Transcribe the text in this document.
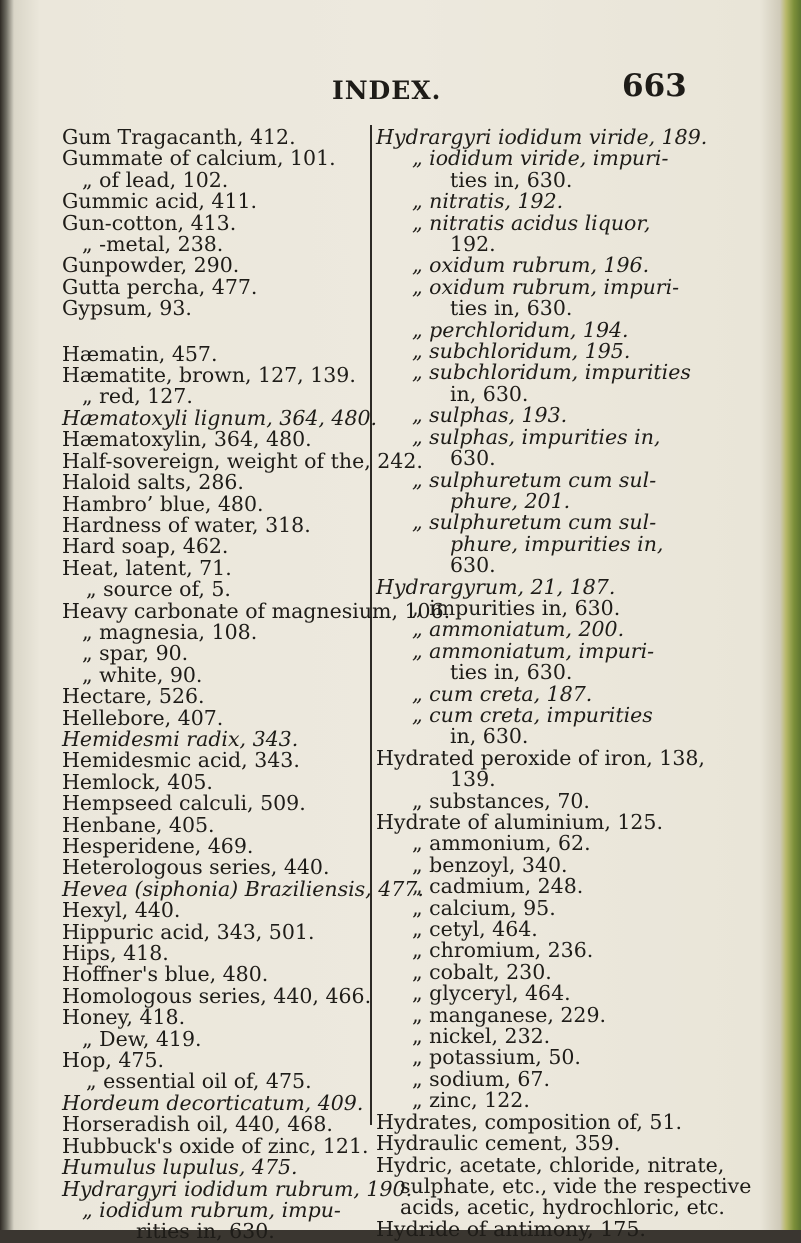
INDEX.	663
Gum Tragacanth, 412.
Gummate of calcium, 101.
„ of lead, 102.
Gummic acid, 411.
Gun-cotton, 413.
„ -metal, 238.
Gunpowder, 290.
Gutta percha, 477.
Gypsum, 93.
Hæmatin, 457.
Hæmatite, brown, 127, 139.
„ red, 127.
Hæmatoxyli lignum, 364, 480.
Hæmatoxylin, 364, 480.
Half-sovereign, weight of the, 242.
Haloid salts, 286.
Hambro’ blue, 480.
Hardness of water, 318.
Hard soap, 462.
Heat, latent, 71.
„ source of, 5.
Heavy carbonate of magnesium, 106.
„ magnesia, 108.
„ spar, 90.
„ white, 90.
Hectare, 526.
Hellebore, 407.
Hemidesmi radix, 343.
Hemidesmic acid, 343.
Hemlock, 405.
Hempseed calculi, 509.
Henbane, 405.
Hesperidene, 469.
Heterologous series, 440.
Hevea (siphonia) Braziliensis, 477.
Hexyl, 440.
Hippuric acid, 343, 501.
Hips, 418.
Hoffner's blue, 480.
Homologous series, 440, 466.
Honey, 418.
„ Dew, 419.
Hop, 475.
„ essential oil of, 475.
Hordeum decorticatum, 409.
Horseradish oil, 440, 468.
Hubbuck's oxide of zinc, 121.
Humulus lupulus, 475.
Hydrargyri iodidum rubrum, 190.
„ iodidum rubrum, impu-
rities in, 630.
Hydrargyri iodidum viride, 189.
„ iodidum viride, impuri-
ties in, 630.
„ nitratis, 192.
„ nitratis acidus liquor,
192.
„ oxidum rubrum, 196.
„ oxidum rubrum, impuri-
ties in, 630.
„ perchloridum, 194.
„ subchloridum, 195.
„ subchloridum, impurities
in, 630.
„ sulphas, 193.
„ sulphas, impurities in,
630.
„ sulphuretum cum sul-
phure, 201.
„ sulphuretum cum sul-
phure, impurities in,
630.
Hydrargyrum, 21, 187.
„ impurities in, 630.
„ ammoniatum, 200.
„ ammoniatum, impuri-
ties in, 630.
„ cum creta, 187.
„ cum creta, impurities
in, 630.
Hydrated peroxide of iron, 138,
139.
„ substances, 70.
Hydrate of aluminium, 125.
„ ammonium, 62.
„ benzoyl, 340.
„ cadmium, 248.
„ calcium, 95.
„ cetyl, 464.
„ chromium, 236.
„ cobalt, 230.
„ glyceryl, 464.
„ manganese, 229.
„ nickel, 232.
„ potassium, 50.
„ sodium, 67.
„ zinc, 122.
Hydrates, composition of, 51.
Hydraulic cement, 359.
Hydric, acetate, chloride, nitrate,
sulphate, etc., vide the respective
acids, acetic, hydrochloric, etc.
Hydride of antimony, 175.
